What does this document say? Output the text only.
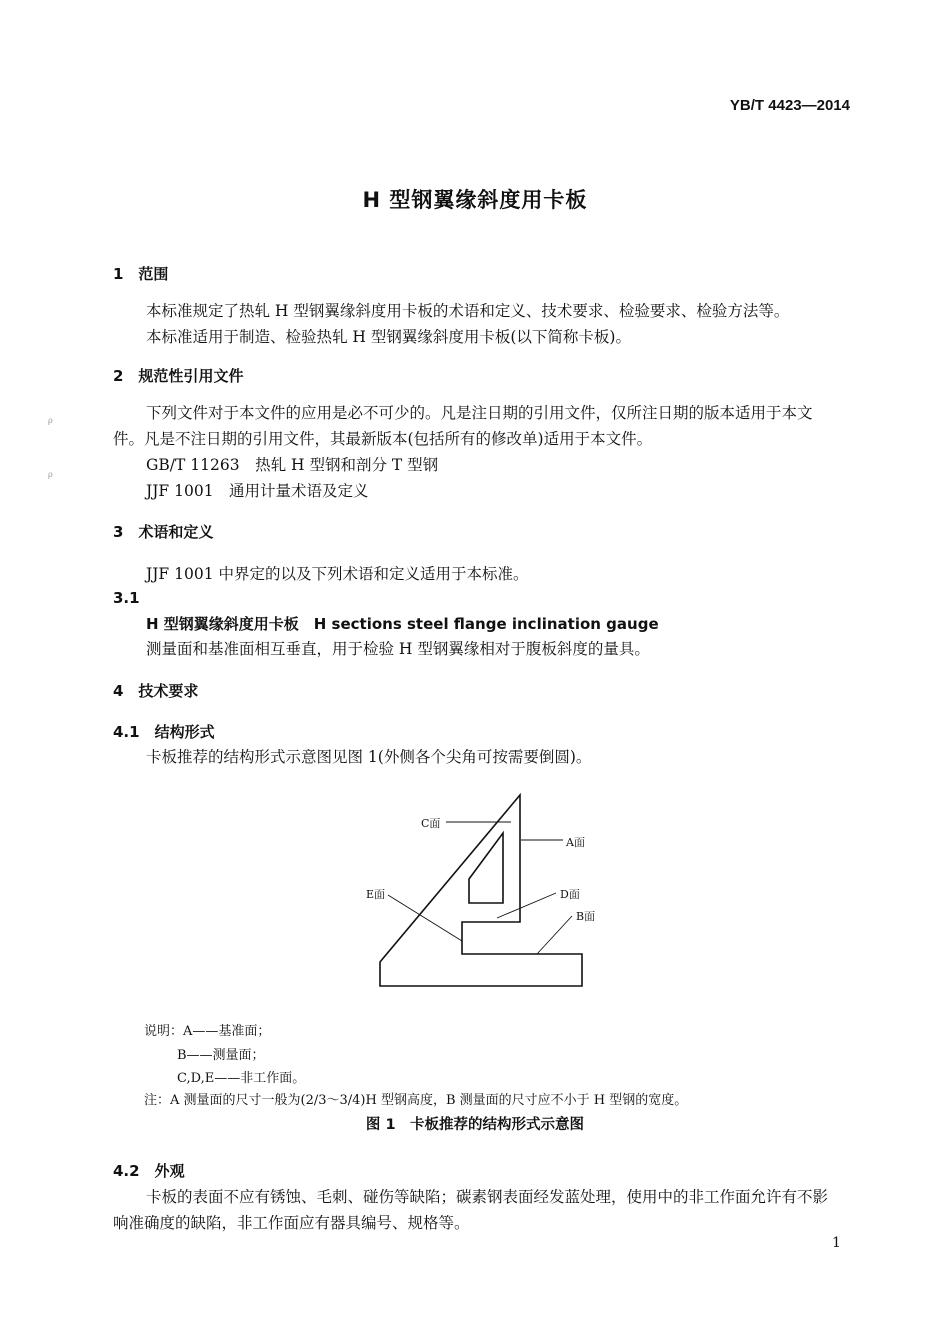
YB/T 4423—2014
H 型钢翼缘斜度用卡板
ρ
ρ
1　范围
本标准规定了热轧 H 型钢翼缘斜度用卡板的术语和定义、技术要求、检验要求、检验方法等。
本标准适用于制造、检验热轧 H 型钢翼缘斜度用卡板(以下简称卡板)。
2　规范性引用文件
下列文件对于本文件的应用是必不可少的。凡是注日期的引用文件，仅所注日期的版本适用于本文
件。凡是不注日期的引用文件，其最新版本(包括所有的修改单)适用于本文件。
GB/T 11263　热轧 H 型钢和剖分 T 型钢
JJF 1001　通用计量术语及定义
3　术语和定义
JJF 1001 中界定的以及下列术语和定义适用于本标准。
3.1
H 型钢翼缘斜度用卡板　H sections steel flange inclination gauge
测量面和基准面相互垂直，用于检验 H 型钢翼缘相对于腹板斜度的量具。
4　技术要求
4.1　结构形式
卡板推荐的结构形式示意图见图 1(外侧各个尖角可按需要倒圆)。
C面
A面
E面	D面
B面
说明：A——基准面；
B——测量面；
C,D,E——非工作面。
注：A 测量面的尺寸一般为(2/3～3/4)H 型钢高度，B 测量面的尺寸应不小于 H 型钢的宽度。
图 1　卡板推荐的结构形式示意图
4.2　外观
卡板的表面不应有锈蚀、毛刺、碰伤等缺陷；碳素钢表面经发蓝处理，使用中的非工作面允许有不影
响准确度的缺陷，非工作面应有器具编号、规格等。
1
